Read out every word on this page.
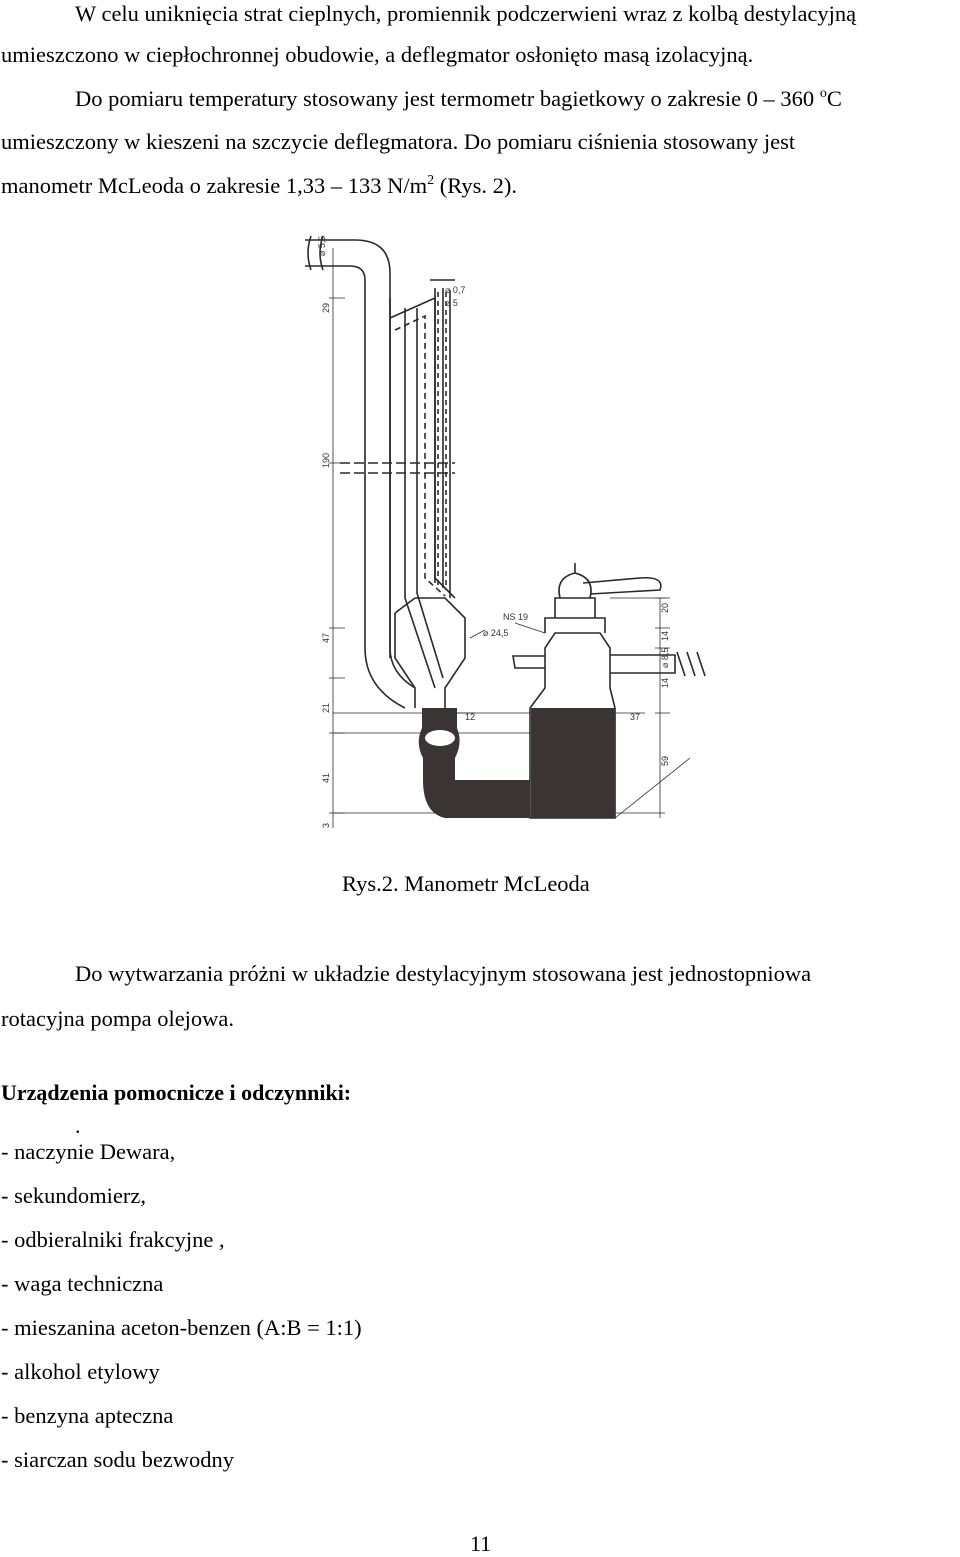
W celu uniknięcia strat cieplnych, promiennik podczerwieni wraz z kolbą destylacyjną
umieszczono w ciepłochronnej obudowie, a deflegmator osłonięto masą izolacyjną.
Do pomiaru temperatury stosowany jest termometr bagietkowy o zakresie 0 – 360 $^o$C
umieszczony w kieszeni na szczycie deflegmatora. Do pomiaru ciśnienia stosowany jest
manometr McLeoda o zakresie 1,33 – 133 $N/m^2$ (Rys. 2).
⌀ 5,5
⌀ 0,7
⌀ 5
29
190
47
21
41
3
⌀ 24,5
NS 19
12	37
20
14
⌀ 8,5
14
59
Rys.2. Manometr McLeoda
Do wytwarzania próżni w układzie destylacyjnym stosowana jest jednostopniowa
rotacyjna pompa olejowa.
Urządzenia pomocnicze i odczynniki:
.
- naczynie Dewara,
- sekundomierz,
- odbieralniki frakcyjne ,
- waga techniczna
- mieszanina aceton-benzen (A:B = 1:1)
- alkohol etylowy
- benzyna apteczna
- siarczan sodu bezwodny
11
